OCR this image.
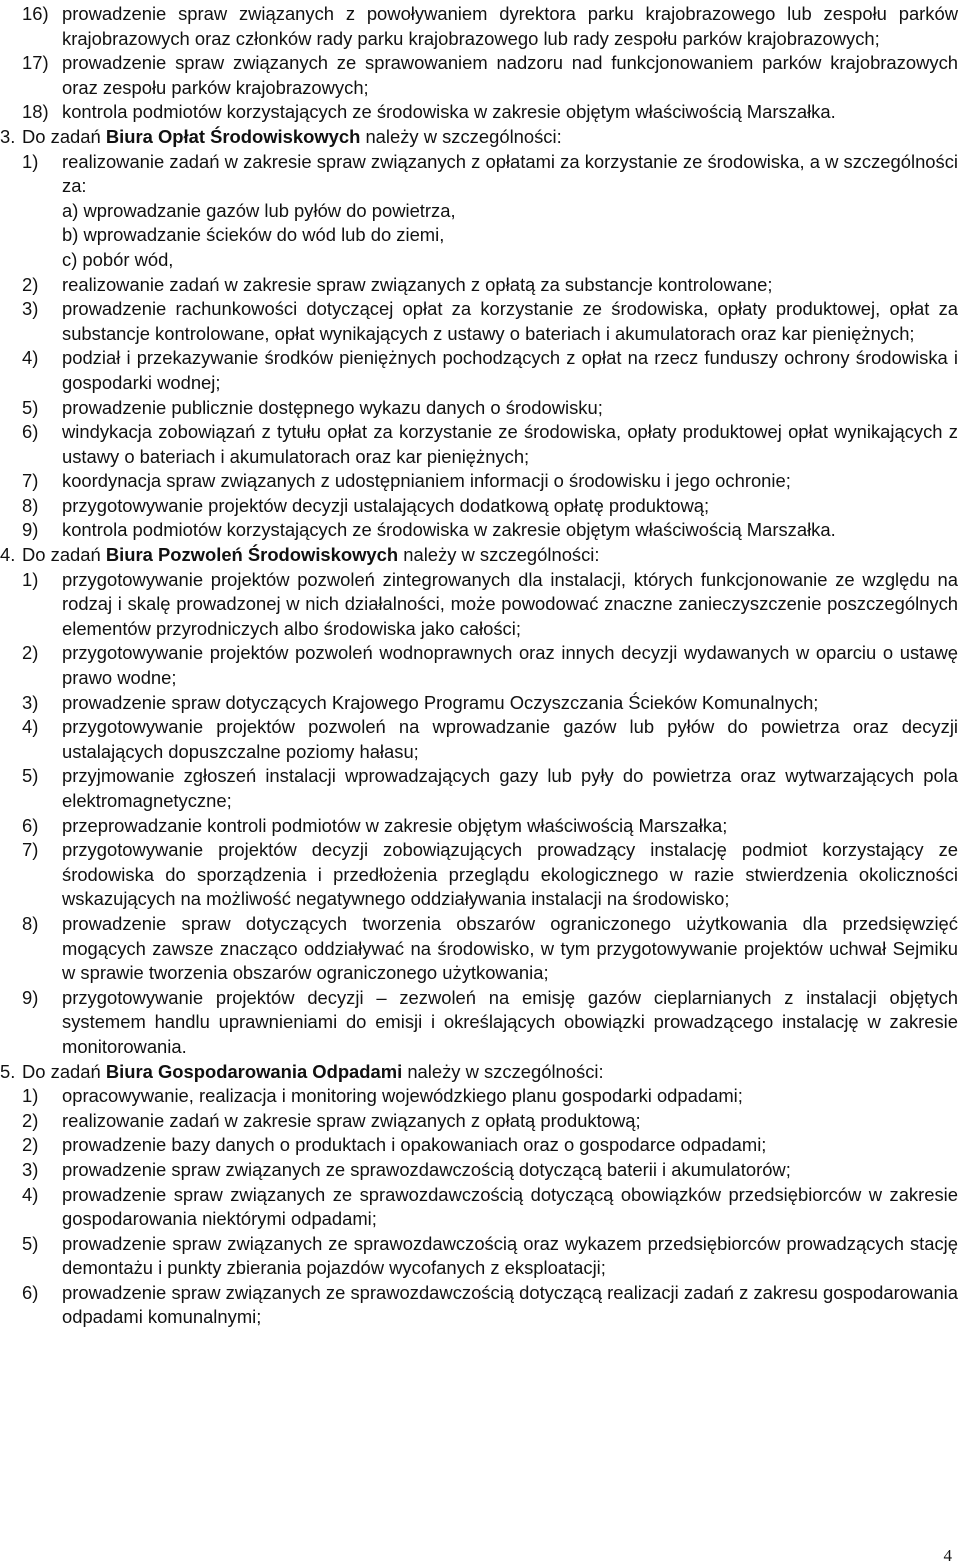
16) prowadzenie spraw związanych z powoływaniem dyrektora parku krajobrazowego lub zespołu parków krajobrazowych oraz członków rady parku krajobrazowego lub rady zespołu parków krajobrazowych;

17) prowadzenie spraw związanych ze sprawowaniem nadzoru nad funkcjonowaniem parków krajobrazowych oraz zespołu parków krajobrazowych;

18) kontrola podmiotów korzystających ze środowiska w zakresie objętym właściwością Marszałka.

3. Do zadań Biura Opłat Środowiskowych należy w szczególności:

1) realizowanie zadań w zakresie spraw związanych z opłatami za korzystanie ze środowiska, a w szczególności za:

a) wprowadzanie gazów lub pyłów do powietrza,

b) wprowadzanie ścieków do wód lub do ziemi,

c) pobór wód,

2) realizowanie zadań w zakresie spraw związanych z opłatą za substancje kontrolowane;

3) prowadzenie rachunkowości dotyczącej opłat za korzystanie ze środowiska, opłaty produktowej, opłat za substancje kontrolowane, opłat wynikających z ustawy o bateriach i akumulatorach oraz kar pieniężnych;

4) podział i przekazywanie środków pieniężnych pochodzących z opłat na rzecz funduszy ochrony środowiska i gospodarki wodnej;

5) prowadzenie publicznie dostępnego wykazu danych o środowisku;

6) windykacja zobowiązań z tytułu opłat za korzystanie ze środowiska, opłaty produktowej opłat wynikających z ustawy o bateriach i akumulatorach oraz kar pieniężnych;

7) koordynacja spraw związanych z udostępnianiem informacji o środowisku i jego ochronie;

8) przygotowywanie projektów decyzji ustalających dodatkową opłatę produktową;

9) kontrola podmiotów korzystających ze środowiska w zakresie objętym właściwością Marszałka.

4. Do zadań Biura Pozwoleń Środowiskowych należy w szczególności:

1) przygotowywanie projektów pozwoleń zintegrowanych dla instalacji, których funkcjonowanie ze względu na rodzaj i skalę prowadzonej w nich działalności, może powodować znaczne zanieczyszczenie poszczególnych elementów przyrodniczych albo środowiska jako całości;

2) przygotowywanie projektów pozwoleń wodnoprawnych oraz innych decyzji wydawanych w oparciu o ustawę prawo wodne;

3) prowadzenie spraw dotyczących Krajowego Programu Oczyszczania Ścieków Komunalnych;

4) przygotowywanie projektów pozwoleń na wprowadzanie gazów lub pyłów do powietrza oraz decyzji ustalających dopuszczalne poziomy hałasu;

5) przyjmowanie zgłoszeń instalacji wprowadzających gazy lub pyły do powietrza oraz wytwarzających pola elektromagnetyczne;

6) przeprowadzanie kontroli podmiotów w zakresie objętym właściwością Marszałka;

7) przygotowywanie projektów decyzji zobowiązujących prowadzący instalację podmiot korzystający ze środowiska do sporządzenia i przedłożenia przeglądu ekologicznego w razie stwierdzenia okoliczności wskazujących na możliwość negatywnego oddziaływania instalacji na środowisko;

8) prowadzenie spraw dotyczących tworzenia obszarów ograniczonego użytkowania dla przedsięwzięć mogących zawsze znacząco oddziaływać na środowisko, w tym przygotowywanie projektów uchwał Sejmiku w sprawie tworzenia obszarów ograniczonego użytkowania;

9) przygotowywanie projektów decyzji – zezwoleń na emisję gazów cieplarnianych z instalacji objętych systemem handlu uprawnieniami do emisji i określających obowiązki prowadzącego instalację w zakresie monitorowania.

5. Do zadań Biura Gospodarowania Odpadami należy w szczególności:

1) opracowywanie, realizacja i monitoring wojewódzkiego planu gospodarki odpadami;

2) realizowanie zadań w zakresie spraw związanych z opłatą produktową;

2) prowadzenie bazy danych o produktach i opakowaniach oraz o gospodarce odpadami;

3) prowadzenie spraw związanych ze sprawozdawczością dotyczącą baterii i akumulatorów;

4) prowadzenie spraw związanych ze sprawozdawczością dotyczącą obowiązków przedsiębiorców w zakresie gospodarowania niektórymi odpadami;

5) prowadzenie spraw związanych ze sprawozdawczością oraz wykazem przedsiębiorców prowadzących stację demontażu i punkty zbierania pojazdów wycofanych z eksploatacji;

6) prowadzenie spraw związanych ze sprawozdawczością dotyczącą realizacji zadań z zakresu gospodarowania odpadami komunalnymi;

4
